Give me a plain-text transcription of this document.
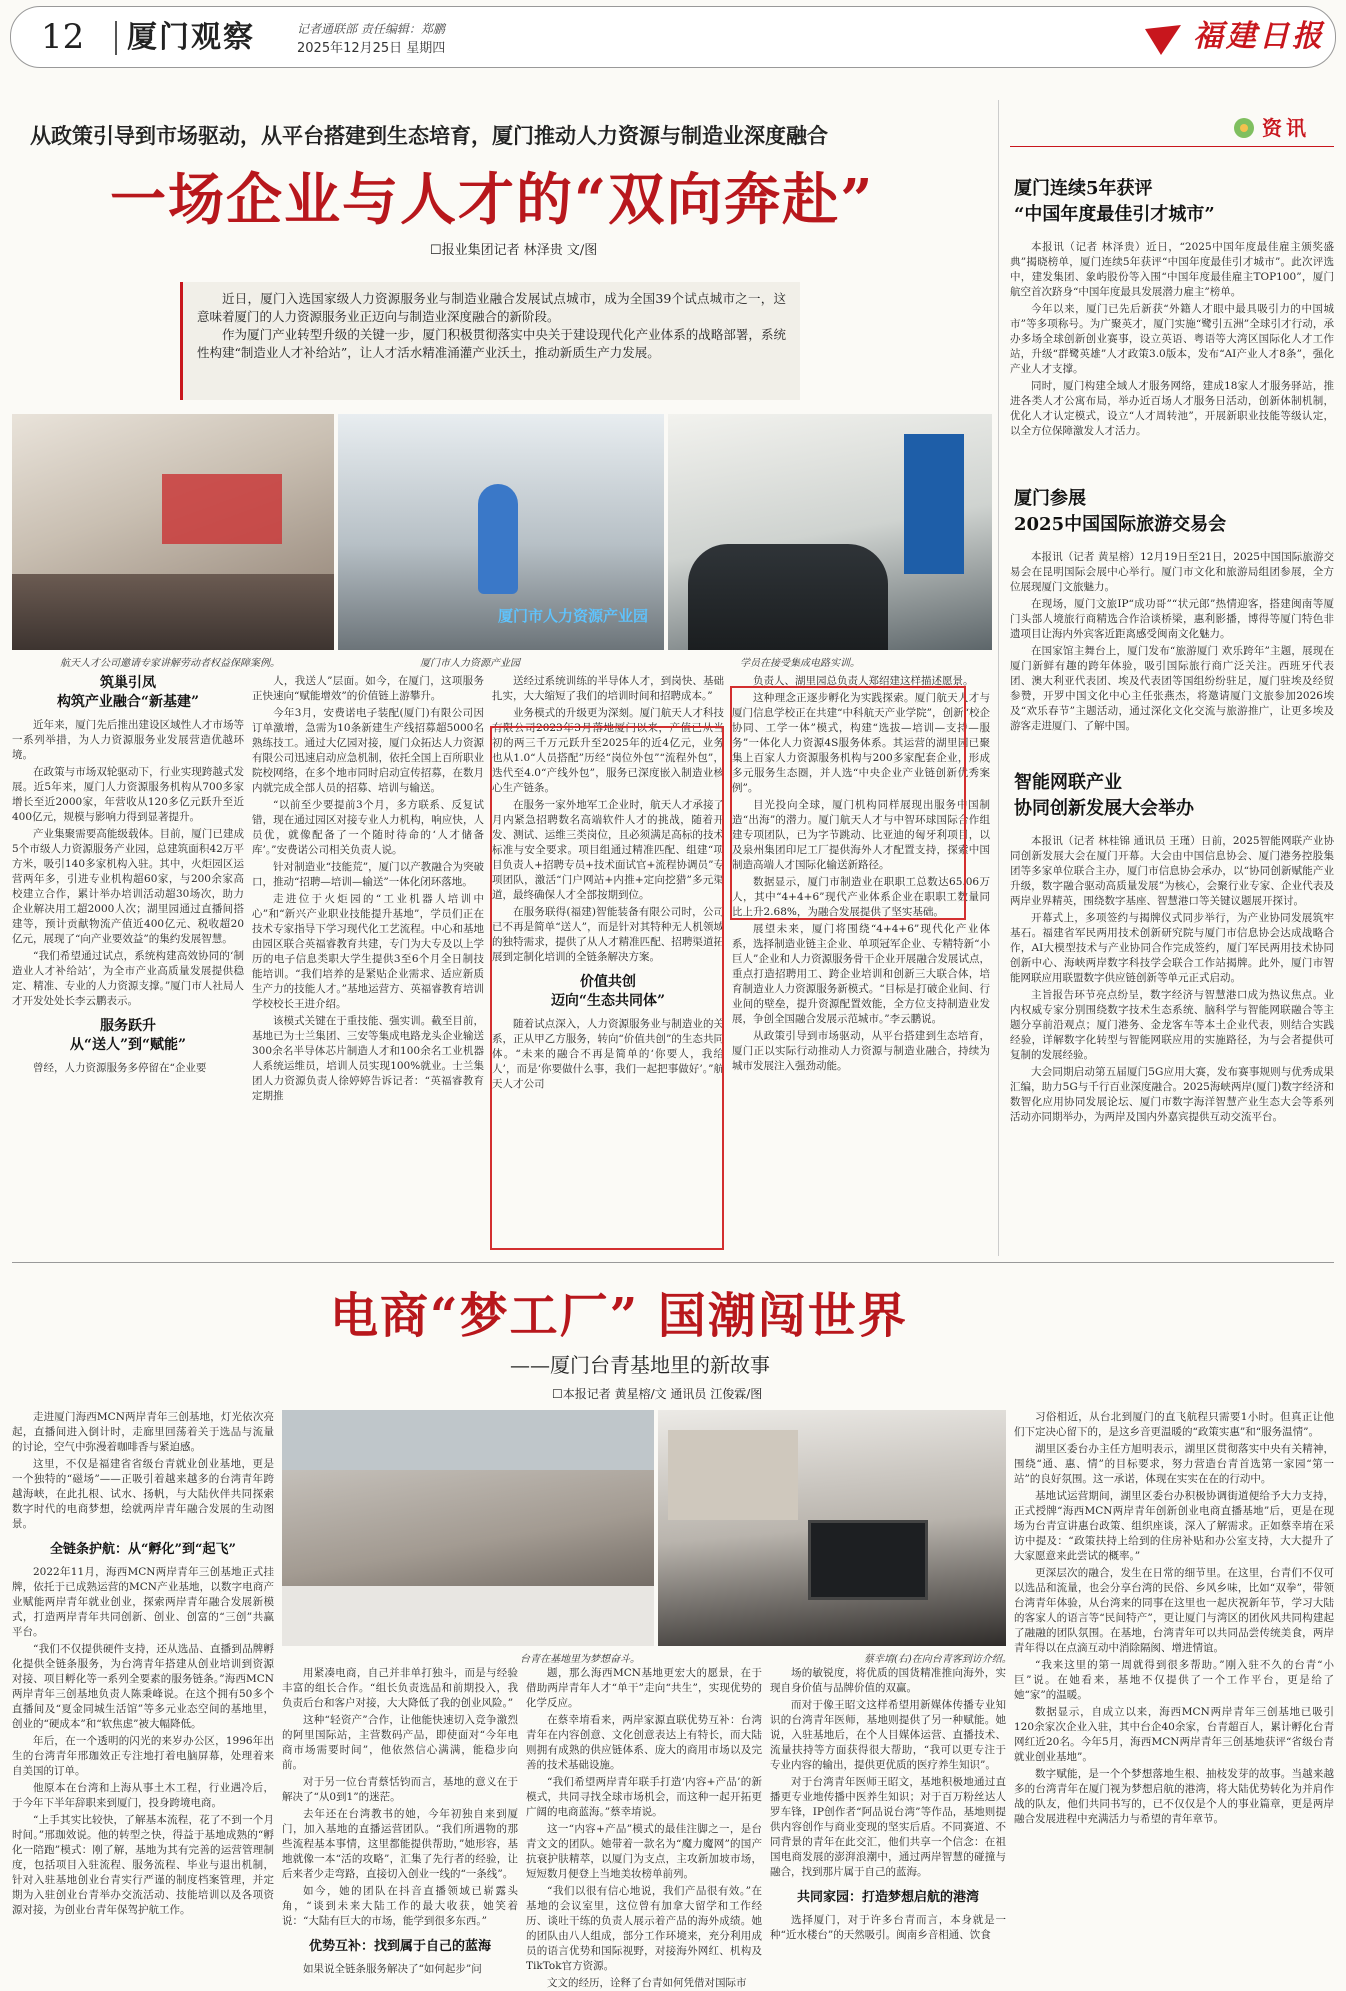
12 厦门观察	记者通联部 责任编辑：郑鹏
2025年12月25日 星期四	福建日报
从政策引导到市场驱动，从平台搭建到生态培育，厦门推动人力资源与制造业深度融合
一场企业与人才的“双向奔赴”
☐报业集团记者 林泽贵 文/图

近日，厦门入选国家级人力资源服务业与制造业融合发展试点城市，成为全国39个试点城市之一，这意味着厦门的人力资源服务业正迈向与制造业深度融合的新阶段。

作为厦门产业转型升级的关键一步，厦门积极贯彻落实中央关于建设现代化产业体系的战略部署，系统性构建“制造业人才补给站”，让人才活水精准涌灌产业沃土，推动新质生产力发展。

厦门市人力资源产业园
航天人才公司邀请专家讲解劳动者权益保障案例。	厦门市人力资源产业园	学员在接受集成电路实训。
筑巢引凤
构筑产业融合“新基建”

近年来，厦门先后推出建设区域性人才市场等一系列举措，为人力资源服务业发展营造优越环境。

在政策与市场双轮驱动下，行业实现跨越式发展。近5年来，厦门人力资源服务机构从700多家增长至近2000家，年营收从120多亿元跃升至近400亿元，规模与影响力得到显著提升。

产业集聚需要高能级载体。目前，厦门已建成5个市级人力资源服务产业园，总建筑面积42万平方米，吸引140多家机构入驻。其中，火炬园区运营两年多，引进专业机构超60家，与200余家高校建立合作，累计举办培训活动超30场次，助力企业解决用工超2000人次；湖里园通过直播间搭建等，预计贡献物流产值近400亿元、税收超20亿元，展现了“向产业要效益”的集约发展智慧。

“我们希望通过试点，系统构建高效协同的‘制造业人才补给站’，为全市产业高质量发展提供稳定、精准、专业的人力资源支撑。”厦门市人社局人才开发处处长李云鹏表示。

服务跃升
从“送人”到“赋能”

曾经，人力资源服务多停留在“企业要

人，我送人”层面。如今，在厦门，这项服务正快速向“赋能增效”的价值链上游攀升。

今年3月，安费诺电子装配(厦门)有限公司因订单激增，急需为10条新建生产线招募超5000名熟练技工。通过大亿园对接，厦门众拓达人力资源有限公司迅速启动应急机制，依托全国上百所职业院校网络，在多个地市同时启动宣传招募，在数月内就完成全部人员的招募、培训与输送。

“以前至少要提前3个月，多方联系、反复试错，现在通过园区对接专业人力机构，响应快，人员优，就像配备了一个随时待命的‘人才储备库’。”安费诺公司相关负责人说。

针对制造业“技能荒”，厦门以产教融合为突破口，推动“招聘—培训—输送”一体化闭环落地。

走进位于火炬园的“工业机器人培训中心”和“新兴产业职业技能提升基地”，学员们正在技术专家指导下学习现代化工艺流程。中心和基地由园区联合英福睿教育共建，专门为大专及以上学历的电子信息类职大学生提供3至6个月全日制技能培训。“我们培养的是紧贴企业需求、适应新质生产力的技能人才。”基地运营方、英福睿教育培训学校校长王进介绍。

该模式关键在于重技能、强实训。截至目前，基地已为士兰集团、三安等集成电路龙头企业输送300余名半导体芯片制造人才和100余名工业机器人系统运维员，培训人员实现100%就业。士兰集团人力资源负责人徐婷婷告诉记者：“英福睿教育定期推

送经过系统训练的半导体人才，到岗快、基础扎实，大大缩短了我们的培训时间和招聘成本。”

业务模式的升级更为深刻。厦门航天人才科技有限公司2023年3月落地厦门以来，产值已从当初的两三千万元跃升至2025年的近4亿元，业务也从1.0“人员搭配”历经“岗位外包”“流程外包”，迭代至4.0“产线外包”，服务已深度嵌入制造业核心生产链条。

在服务一家外地军工企业时，航天人才承接了月内紧急招聘数名高端软件人才的挑战，随着开发、测试、运维三类岗位，且必须满足高标的技术标准与安全要求。项目组通过精准匹配、组建“项目负责人+招聘专员+技术面试官+流程协调员”专项团队，激活“门户网站+内推+定向挖猎”多元渠道，最终确保人才全部按期到位。

在服务联得(福建)智能装备有限公司时，公司已不再是简单“送人”，而是针对其特种无人机领域的独特需求，提供了从人才精准匹配、招聘渠道拓展到定制化培训的全链条解决方案。

价值共创
迈向“生态共同体”

随着试点深入，人力资源服务业与制造业的关系，正从甲乙方服务，转向“价值共创”的生态共同体。“未来的融合不再是简单的‘你要人，我给人’，而是‘你要做什么事，我们一起把事做好’。”航天人才公司

负责人、湖里园总负责人郑绍建这样描述愿景。

这种理念正逐步孵化为实践探索。厦门航天人才与厦门信息学校正在共建“中科航天产业学院”，创新“校企协同、工学一体”模式，构建“选拔—培训—支持—服务”一体化人力资源4S服务体系。其运营的湖里园已聚集上百家人力资源服务机构与200多家配套企业，形成多元服务生态圈，并人选“中央企业产业链创新优秀案例”。

目光投向全球，厦门机构同样展现出服务中国制造“出海”的潜力。厦门航天人才与中智环球国际合作组建专项团队，已为字节跳动、比亚迪的匈牙利项目，以及泉州集团印尼工厂提供海外人才配置支持，探索中国制造高端人才国际化输送新路径。

数据显示，厦门市制造业在职职工总数达65.06万人，其中“4+4+6”现代产业体系企业在职职工数量同比上升2.68%，为融合发展提供了坚实基础。

展望未来，厦门将围绕“4+4+6”现代化产业体系，选择制造业链主企业、单项冠军企业、专精特新“小巨人”企业和人力资源服务骨干企业开展融合发展试点，重点打造招聘用工、跨企业培训和创新三大联合体，培育制造业人力资源服务新模式。“目标是打破企业间、行业间的壁垒，提升资源配置效能，全方位支持制造业发展，争创全国融合发展示范城市。”李云鹏说。

从政策引导到市场驱动，从平台搭建到生态培育，厦门正以实际行动推动人力资源与制造业融合，持续为城市发展注入强劲动能。

资讯
厦门连续5年获评
“中国年度最佳引才城市”

本报讯（记者 林泽贵）近日，“2025中国年度最佳雇主颁奖盛典”揭晓榜单，厦门连续5年获评“中国年度最佳引才城市”。此次评选中，建发集团、象屿股份等入围“中国年度最佳雇主TOP100”，厦门航空首次跻身“中国年度最具发展潜力雇主”榜单。

今年以来，厦门已先后新获“外籍人才眼中最具吸引力的中国城市”等多项称号。为广聚英才，厦门实施“鹭引五洲”全球引才行动，承办多场全球创新创业赛事，设立英语、粤语等大湾区国际化人才工作站，升级“群鹭英雄”人才政策3.0版本，发布“AI产业人才8条”，强化产业人才支撑。

同时，厦门构建全域人才服务网络，建成18家人才服务驿站，推进各类人才公寓布局，举办近百场人才服务日活动，创新体制机制，优化人才认定模式，设立“人才周转池”，开展新职业技能等级认定，以全方位保障激发人才活力。

厦门参展
2025中国国际旅游交易会

本报讯（记者 黄星榕）12月19日至21日，2025中国国际旅游交易会在昆明国际会展中心举行。厦门市文化和旅游局组团参展，全方位展现厦门文旅魅力。

在现场，厦门文旅IP“成功哥”“状元郎”热情迎客，搭建闽南等厦门头部人境旅行商精选合作洽谈桥梁，惠利影播，博得等厦门特色非遗项目让海内外宾客近距离感受闽南文化魅力。

在国家馆主舞台上，厦门发布“旅游厦门 欢乐跨年”主题，展现在厦门新鲜有趣的跨年体验，吸引国际旅行商广泛关注。西班牙代表团、澳大利亚代表团、埃及代表团等国组纷纷驻足，厦门驻埃及经贸参赞，开罗中国文化中心主任张燕杰，将邀请厦门文旅参加2026埃及“欢乐春节”主题活动，通过深化文化交流与旅游推广，让更多埃及游客走进厦门、了解中国。

智能网联产业
协同创新发展大会举办

本报讯（记者 林桂锦 通讯员 王瑾）日前，2025智能网联产业协同创新发展大会在厦门开幕。大会由中国信息协会、厦门港务控股集团等多家单位联合主办，厦门市信息协会承办，以“协同创新赋能产业升级，数字融合驱动高质量发展”为核心，会聚行业专家、企业代表及两岸业界精英，围绕数字基座、智慧港口等关键议题展开探讨。

开幕式上，多项签约与揭牌仪式同步举行，为产业协同发展筑牢基石。福建省军民两用技术创新研究院与厦门市信息协会达成战略合作，AI大模型技术与产业协同合作完成签约，厦门军民两用技术协同创新中心、海峡两岸数字科技学会联合工作站揭牌。此外，厦门市智能网联应用联盟数字供应链创新等单元正式启动。

主旨报告环节亮点纷呈，数字经济与智慧港口成为热议焦点。业内权威专家分别围绕数字技术生态系统、脑科学与智能网联融合等主题分享前沿观点；厦门港务、金龙客车等本土企业代表，则结合实践经验，详解数字化转型与智能网联应用的实施路径，为与会者提供可复制的发展经验。

大会同期启动第五届厦门5G应用大赛，发布赛事规则与优秀成果汇编，助力5G与千行百业深度融合。2025海峡两岸(厦门)数字经济和数智化应用协同发展论坛、厦门市数字海洋智慧产业生态大会等系列活动亦同期举办，为两岸及国内外嘉宾提供互动交流平台。

电商“梦工厂” 国潮闯世界
——厦门台青基地里的新故事
☐本报记者 黄星榕/文 通讯员 江俊霖/图
台青在基地里为梦想奋斗。	蔡幸堉(右)在向台青客到访介绍。

走进厦门海西MCN两岸青年三创基地，灯光依次亮起，直播间进入倒计时，走廊里回荡着关于选品与流量的讨论，空气中弥漫着咖啡香与紧迫感。

这里，不仅是福建省省级台青就业创业基地，更是一个独特的“磁场”——正吸引着越来越多的台湾青年跨越海峡，在此扎根、试水、扬帆，与大陆伙伴共同探索数字时代的电商梦想，绘就两岸青年融合发展的生动图景。

全链条护航：从“孵化”到“起飞”

2022年11月，海西MCN两岸青年三创基地正式挂牌，依托于已成熟运营的MCN产业基地，以数字电商产业赋能两岸青年就业创业，探索两岸青年融合发展新模式，打造两岸青年共同创新、创业、创富的“三创”共赢平台。

“我们不仅提供硬件支持，还从选品、直播到品牌孵化提供全链条服务，为台湾青年搭建从创业培训到资源对接、项目孵化等一系列全要素的服务链条。”海西MCN两岸青年三创基地负责人陈秉峰说。在这个拥有50多个直播间及“夏金同城生活馆”等多元业态空间的基地里，创业的“硬成本”和“软焦虑”被大幅降低。

年后，在一个透明的闪光的来岁办公区，1996年出生的台湾青年邢珈效正专注地打着电脑屏幕，处理着来自美国的订单。

他原本在台湾和上海从事土木工程，行业遇冷后，于今年下半年辞职来到厦门，投身跨境电商。

“上手其实比较快，了解基本流程，花了不到一个月时间。”邢珈效说。他的转型之快，得益于基地成熟的“孵化一陪跑”模式：刚了解，基地为其有完善的运营管理制度，包括项目入驻流程、服务流程、毕业与退出机制，针对入驻基地创业台青实行严谨的制度档案管理，并定期为入驻创业台青举办交流活动、技能培训以及各项资源对接，为创业台青年保驾护航工作。

用紧凑电商，自己并非单打独斗，而是与经验丰富的组长合作。“组长负责选品和前期投入，我负责后台和客户对接，大大降低了我的创业风险。”

这种“轻资产”合作，让他能快速切入竞争激烈的阿里国际站，主营数码产品，即使面对“今年电商市场需要时间”，他依然信心满满，能稳步向前。

对于另一位台青蔡恬钧而言，基地的意义在于解决了“从0到1”的迷茫。

去年还在台湾教书的她，今年初独自来到厦门，加入基地的直播运营团队。“我们所遇物的那些流程基本事情，这里都能提供帮助，”她形容，基地就像一本“活的攻略”，汇集了先行者的经验，让后来者少走弯路，直接切入创业一线的“一条线”。

如今，她的团队在抖音直播领域已崭露头角，“谈到未来大陆工作的最大收获，她笑着说：“大陆有巨大的市场，能学到很多东西。”

优势互补：找到属于自己的蓝海

如果说全链条服务解决了“如何起步”问

题，那么海西MCN基地更宏大的愿景，在于借助两岸青年人才“单干”走向“共生”，实现优势的化学反应。

在蔡幸堉看来，两岸家源直联优势互补：台湾青年在内容创意、文化创意表达上有特长，而大陆则拥有成熟的供应链体系、庞大的商用市场以及完善的技术基础设施。

“我们希望两岸青年联手打造‘内容+产品’的新模式，共同寻找全球市场机会，而这种一起开拓更广阔的电商蓝海。”蔡幸堉说。

这一“内容+产品”模式的最佳注脚之一，是台青文文的团队。她带着一款名为“魔力魔网”的国产抗衰护肤精萃，以厦门为支点，主攻新加坡市场，短短数月便登上当地美妆榜单前列。

“我们以很有信心地说，我们产品很有效。”在基地的会议室里，这位曾有加拿大留学和工作经历、谈吐干练的负责人展示着产品的海外成绩。她的团队由八人组成，部分工作环境来，充分利用成员的语言优势和国际视野，对接海外网红、机构及TikTok官方资源。

文文的经历，诠释了台青如何凭借对国际市

场的敏锐度，将优质的国货精准推向海外，实现自身价值与品牌价值的双赢。

而对于像王昭文这样希望用新媒体传播专业知识的台湾青年医师，基地则提供了另一种赋能。她说，入驻基地后，在个人目媒体运营、直播技术、流量扶持等方面获得很大帮助，“我可以更专注于专业内容的输出，提供更优质的医疗养生知识”。

对于台湾青年医师王昭文，基地积极地通过直播更专业地传播中医养生知识；对于百万粉丝达人罗车锋，IP创作者“阿品说台湾”等作品，基地则提供内容创作与商业变现的坚实后盾。不同赛道、不同背景的青年在此交汇，他们共享一个信念：在祖国电商发展的澎湃浪潮中，通过两岸智慧的碰撞与融合，找到那片属于自己的蓝海。

共同家园：打造梦想启航的港湾

选择厦门，对于许多台青而言，本身就是一种“近水楼台”的天然吸引。闽南乡音相通、饮食

习俗相近，从台北到厦门的直飞航程只需要1小时。但真正让他们下定决心留下的，是这乡音更温暖的“政策实惠”和“服务温情”。

湖里区委台办主任方旭明表示，湖里区贯彻落实中央有关精神，围绕“通、惠、情”的目标要求，努力营造台青首选第一家园“第一站”的良好氛围。这一承诺，体现在实实在在的行动中。

基地试运营期间，湖里区委台办积极协调街道便给予大力支持，正式授牌“海西MCN两岸青年创新创业电商直播基地”后，更是在现场为台青宣讲惠台政策、组织座谈，深入了解需求。正如蔡幸堉在采访中提及：“政策扶持上给到的住房补贴和办公室支持，大大提升了大家愿意来此尝试的概率。”

更深层次的融合，发生在日常的细节里。在这里，台青们不仅可以选品和流量，也会分享台湾的民俗、乡风乡味，比如“双拳”，带领台湾青年体验，从台湾来的同事在这里也一起庆祝新年节，学习大陆的客家人的语言等“民间特产”，更让厦门与湾区的团伙风共同构建起了融融的团队氛围。在基地，台湾青年可以共同品尝传统美食，两岸青年得以在点滴互动中消除隔阂、增进情谊。

“我来这里的第一周就得到很多帮助。”刚入驻不久的台青“小巨”说。在她看来，基地不仅提供了一个工作平台，更是给了她“家”的温暖。

数据显示，自成立以来，海西MCN两岸青年三创基地已吸引120余家次企业入驻，其中台企40余家，台青超百人，累计孵化台青网红近20名。今年5月，海西MCN两岸青年三创基地获评“省级台青就业创业基地”。

数字赋能，是一个个梦想落地生根、抽枝发芽的故事。当越来越多的台湾青年在厦门视为梦想启航的港湾，将大陆优势转化为并肩作战的队友，他们共同书写的，已不仅仅是个人的事业篇章，更是两岸融合发展进程中充满活力与希望的青年章节。
